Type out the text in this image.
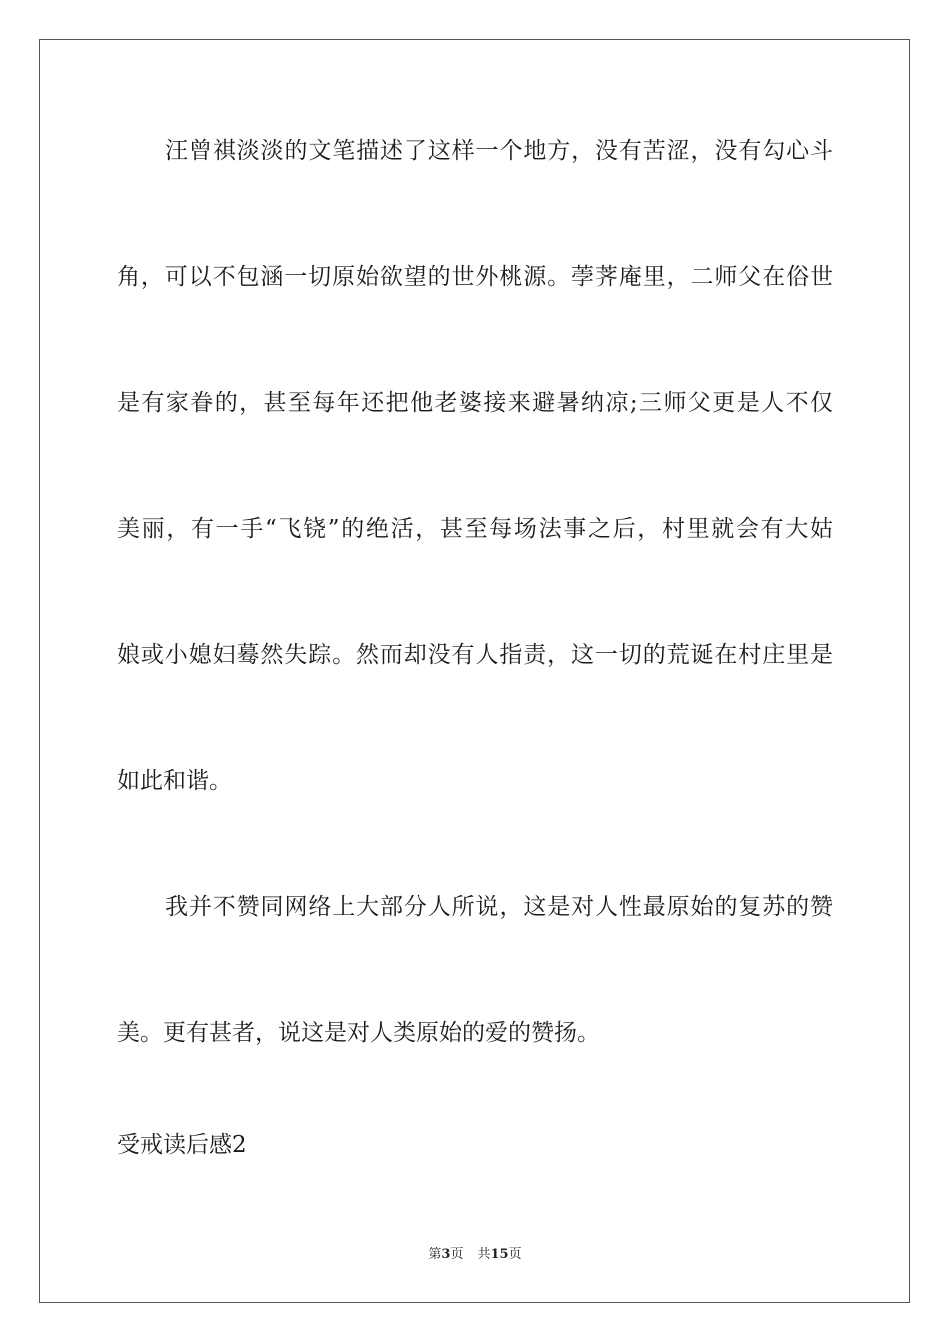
汪曾祺淡淡的文笔描述了这样一个地方，没有苦涩，没有勾心斗
角，可以不包涵一切原始欲望的世外桃源。荸荠庵里，二师父在俗世
是有家眷的，甚至每年还把他老婆接来避暑纳凉;三师父更是人不仅
美丽，有一手“飞铙”的绝活，甚至每场法事之后，村里就会有大姑
娘或小媳妇蓦然失踪。然而却没有人指责，这一切的荒诞在村庄里是
如此和谐。
我并不赞同网络上大部分人所说，这是对人性最原始的复苏的赞
美。更有甚者，说这是对人类原始的爱的赞扬。
受戒读后感2
第3页 共15页
